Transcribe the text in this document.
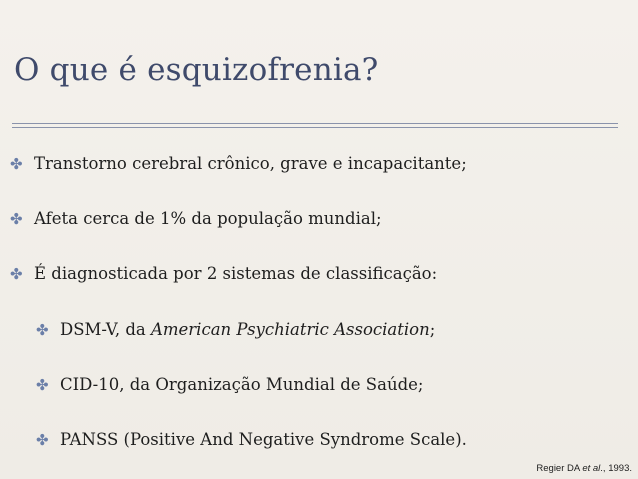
O que é esquizofrenia?
✤ Transtorno cerebral crônico, grave e incapacitante;
✤ Afeta cerca de 1% da população mundial;
✤ É diagnosticada por 2 sistemas de classificação:
✤ DSM-V, da American Psychiatric Association;
✤ CID-10, da Organização Mundial de Saúde;
✤ PANSS (Positive And Negative Syndrome Scale).
Regier DA et al., 1993.
